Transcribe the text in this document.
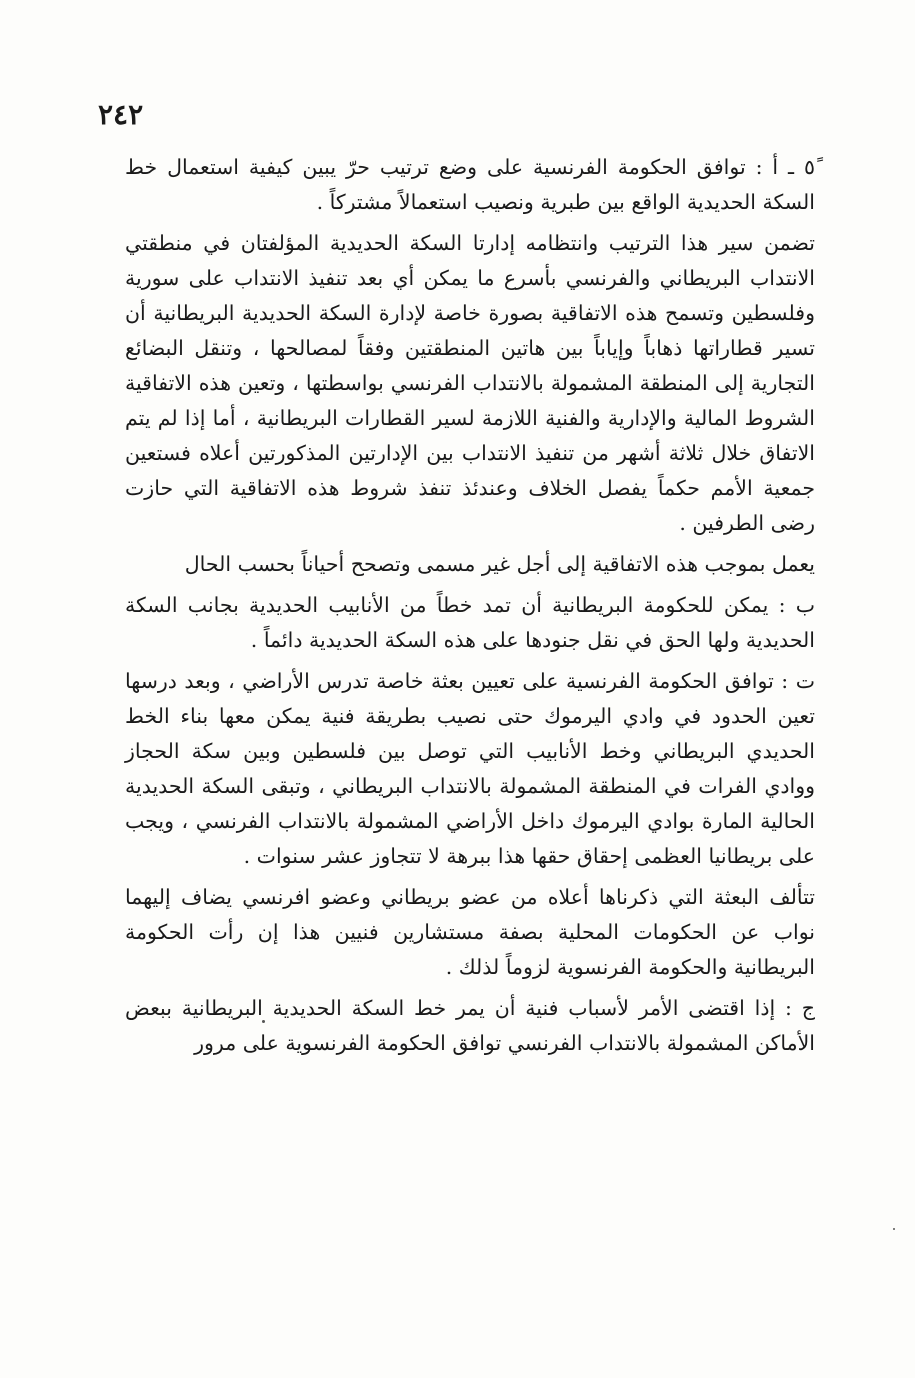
٢٤٢

٥ً ـ أ : توافق الحكومة الفرنسية على وضع ترتيب حرّ يبين كيفية استعمال خط السكة الحديدية الواقع بين طبرية ونصيب استعمالاً مشتركاً .

تضمن سير هذا الترتيب وانتظامه إدارتا السكة الحديدية المؤلفتان في منطقتي الانتداب البريطاني والفرنسي بأسرع ما يمكن أي بعد تنفيذ الانتداب على سورية وفلسطين وتسمح هذه الاتفاقية بصورة خاصة لإدارة السكة الحديدية البريطانية أن تسير قطاراتها ذهاباً وإياباً بين هاتين المنطقتين وفقاً لمصالحها ، وتنقل البضائع التجارية إلى المنطقة المشمولة بالانتداب الفرنسي بواسطتها ، وتعين هذه الاتفاقية الشروط المالية والإدارية والفنية اللازمة لسير القطارات البريطانية ، أما إذا لم يتم الاتفاق خلال ثلاثة أشهر من تنفيذ الانتداب بين الإدارتين المذكورتين أعلاه فستعين جمعية الأمم حكماً يفصل الخلاف وعندئذ تنفذ شروط هذه الاتفاقية التي حازت رضى الطرفين .

يعمل بموجب هذه الاتفاقية إلى أجل غير مسمى وتصحح أحياناً بحسب الحال

ب : يمكن للحكومة البريطانية أن تمد خطاً من الأنابيب الحديدية بجانب السكة الحديدية ولها الحق في نقل جنودها على هذه السكة الحديدية دائماً .

ت : توافق الحكومة الفرنسية على تعيين بعثة خاصة تدرس الأراضي ، وبعد درسها تعين الحدود في وادي اليرموك حتى نصيب بطريقة فنية يمكن معها بناء الخط الحديدي البريطاني وخط الأنابيب التي توصل بين فلسطين وبين سكة الحجاز ووادي الفرات في المنطقة المشمولة بالانتداب البريطاني ، وتبقى السكة الحديدية الحالية المارة بوادي اليرموك داخل الأراضي المشمولة بالانتداب الفرنسي ، ويجب على بريطانيا العظمى إحقاق حقها هذا ببرهة لا تتجاوز عشر سنوات .

تتألف البعثة التي ذكرناها أعلاه من عضو بريطاني وعضو افرنسي يضاف إليهما نواب عن الحكومات المحلية بصفة مستشارين فنيين هذا إن رأت الحكومة البريطانية والحكومة الفرنسوية لزوماً لذلك .

ج : إذا اقتضى الأمر لأسباب فنية أن يمر خط السكة الحديدية البريطانية ببعض الأماكن المشمولة بالانتداب الفرنسي توافق الحكومة الفرنسوية على مرور
